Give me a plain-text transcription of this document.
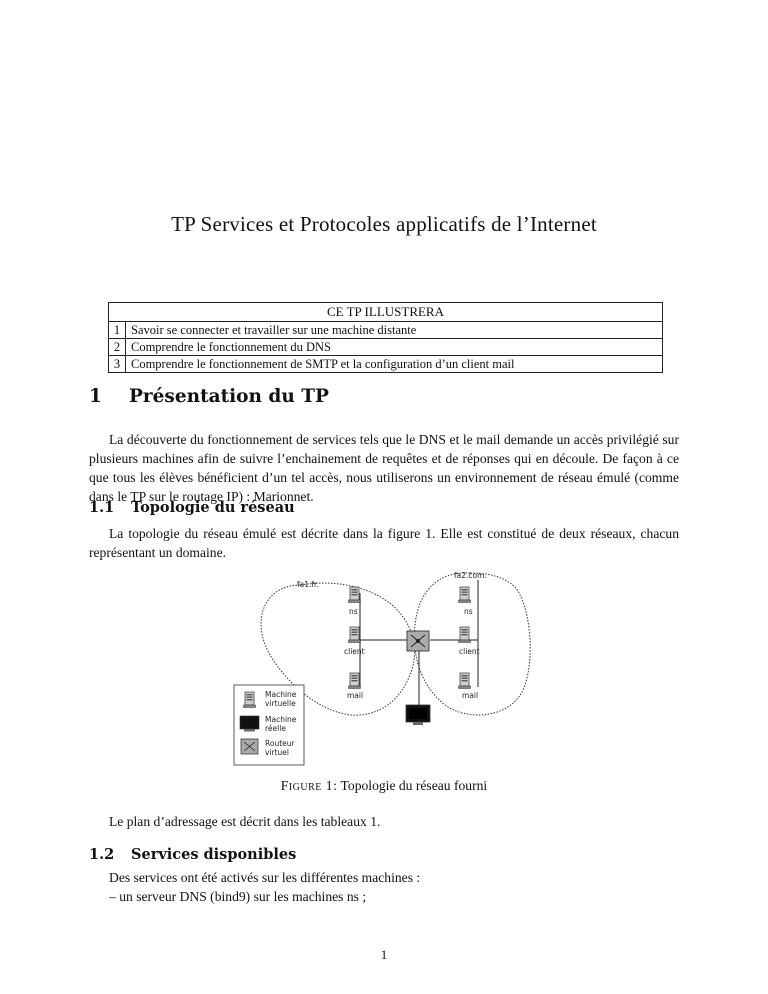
TP Services et Protocoles applicatifs de l’Internet
CE TP ILLUSTRERA	
1	Savoir se connecter et travailler sur une machine distante
2	Comprendre le fonctionnement du DNS
3	Comprendre le fonctionnement de SMTP et la configuration d’un client mail
1 Présentation du TP
La découverte du fonctionnement de services tels que le DNS et le mail demande un accès privilégié sur plusieurs machines afin de suivre l’enchainement de requêtes et de réponses qui en découle. De façon à ce que tous les élèves bénéficient d’un tel accès, nous utiliserons un environnement de réseau émulé (comme dans le TP sur le routage IP) : Marionnet.
1.1 Topologie du réseau
La topologie du réseau émulé est décrite dans la figure 1. Elle est constitué de deux réseaux, chacun représentant un domaine.
fa1.fr.
fa2.com.
ns
client
mail
ns
client
mail
Machine
virtuelle
Machine
réelle
Routeur
virtuel
Figure 1: Topologie du réseau fourni
Le plan d’adressage est décrit dans les tableaux 1.
1.2 Services disponibles
Des services ont été activés sur les différentes machines :
– un serveur DNS (bind9) sur les machines ns ;
1
